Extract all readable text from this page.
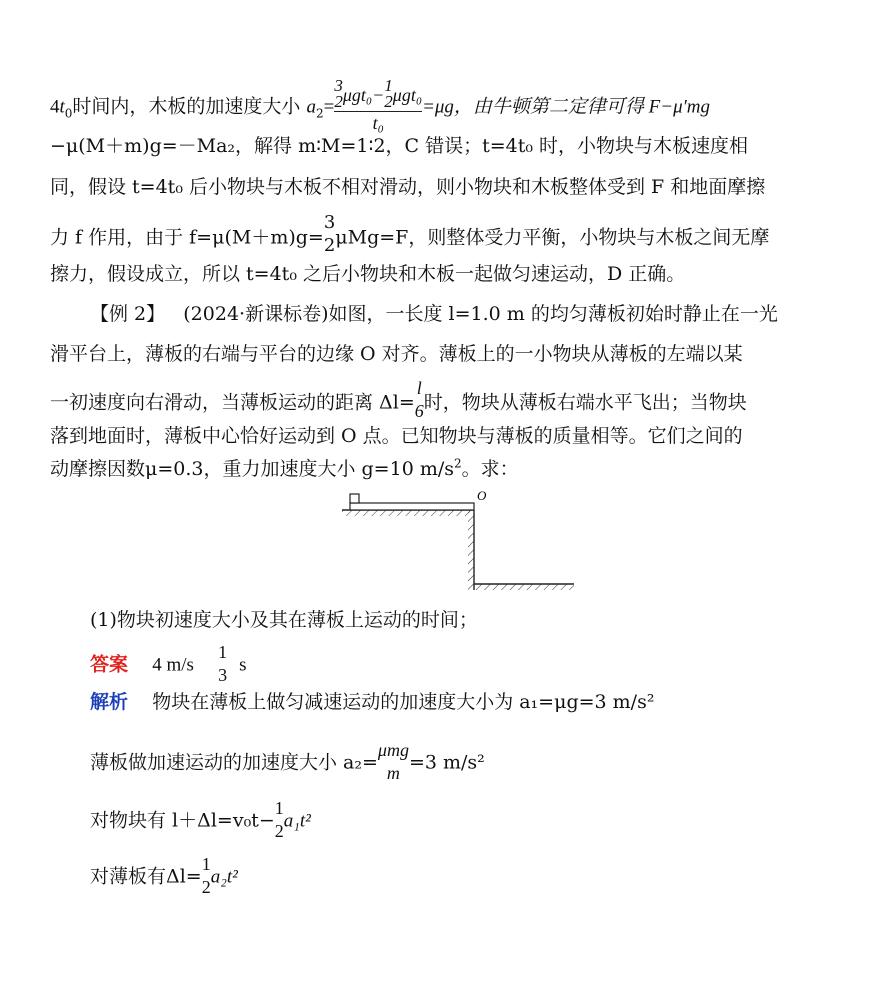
$4t_0$时间内，木板的加速度大小 $a_2= 3$
2 μgt₀− 1
2 μgt₀
t₀ =μg，由牛顿第二定律可得 F−μ′mg
−μ(M＋m)g=－Ma₂，解得 m∶M=1∶2，C 错误；t=4t₀ 时，小物块与木板速度相
同，假设 t=4t₀ 后小物块与木板不相对滑动，则小物块和木板整体受到 F 和地面摩擦
力 f 作用，由于 f=μ(M＋m)g=
3
2 μMg=F，则整体受力平衡，小物块与木板之间无摩
擦力，假设成立，所以 t=4t₀ 之后小物块和木板一起做匀速运动，D 正确。
【例 2】 (2024·新课标卷)如图，一长度 l=1.0 m 的均匀薄板初始时静止在一光
滑平台上，薄板的右端与平台的边缘 O 对齐。薄板上的一小物块从薄板的左端以某
一初速度向右滑动，当薄板运动的距离 Δl=
l
6 时，物块从薄板右端水平飞出；当物块
落到地面时，薄板中心恰好运动到 O 点。已知物块与薄板的质量相等。它们之间的
动摩擦因数μ=0.3，重力加速度大小 g=10 $m/s^2$。求：
O
(1)物块初速度大小及其在薄板上运动的时间；
答案 4 m/s
1
3 s
解析 物块在薄板上做匀减速运动的加速度大小为 a₁=μg=3 m/s²
薄板做加速运动的加速度大小 a₂=
μmg
m =3 m/s²
对物块有 l＋Δl=v₀t−
1
2 a₁t²
对薄板有Δl=
1
2 a₂t²
